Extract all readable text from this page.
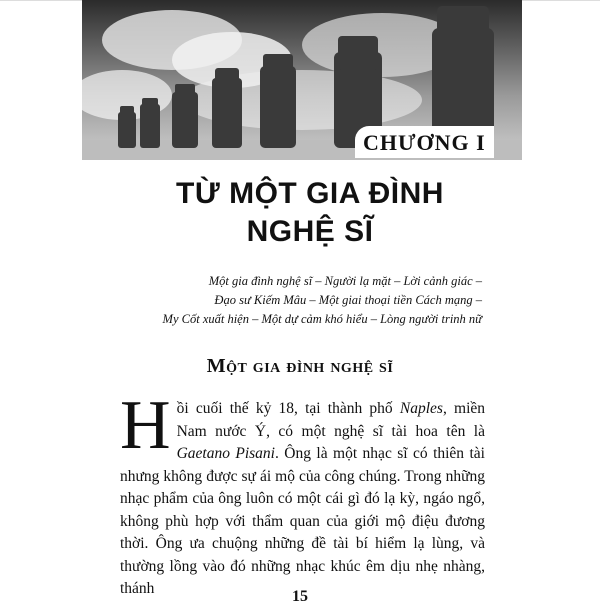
CHƯƠNG I
TỪ MỘT GIA ĐÌNH
NGHỆ SĨ
Một gia đình nghệ sĩ – Người lạ mặt – Lời cảnh giác –
Đạo sư Kiếm Mâu – Một giai thoại tiền Cách mạng –
My Cốt xuất hiện – Một dự cảm khó hiểu – Lòng người trinh nữ
Một gia đình nghệ sĩ
Hồi cuối thế kỷ 18, tại thành phố Naples, miền Nam nước Ý, có một nghệ sĩ tài hoa tên là Gaetano Pisani. Ông là một nhạc sĩ có thiên tài nhưng không được sự ái mộ của công chúng. Trong những nhạc phẩm của ông luôn có một cái gì đó lạ kỳ, ngáo ngổ, không phù hợp với thẩm quan của giới mộ điệu đương thời. Ông ưa chuộng những đề tài bí hiểm lạ lùng, và thường lồng vào đó những nhạc khúc êm dịu nhẹ nhàng, thánh	15
